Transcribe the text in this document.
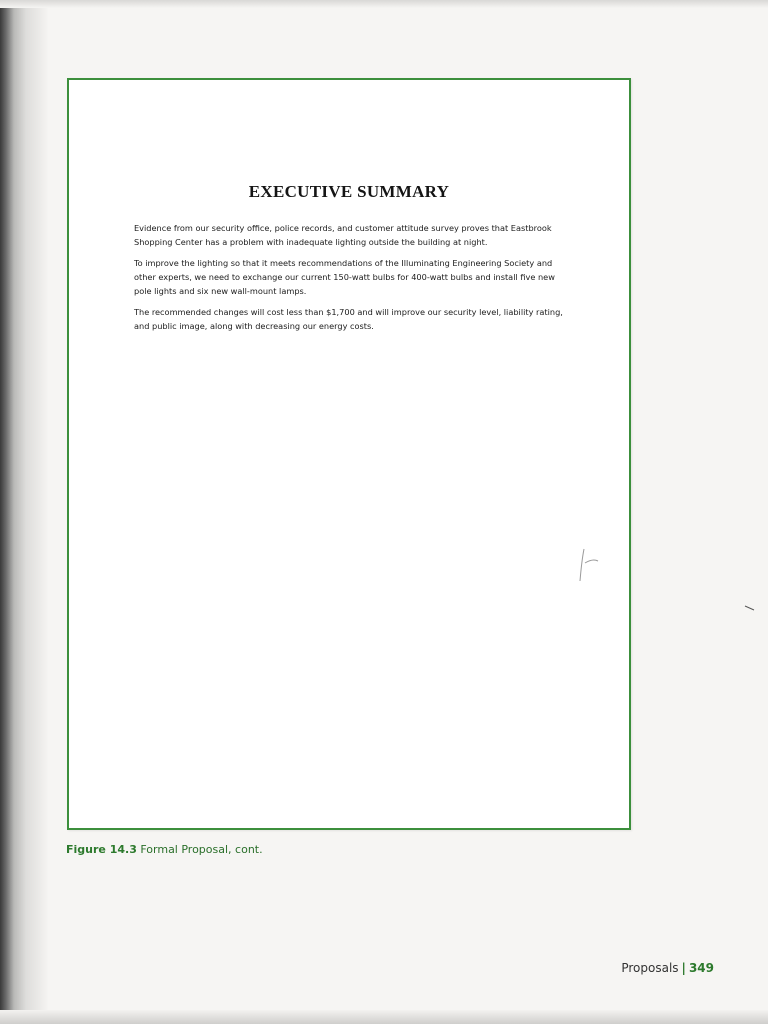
EXECUTIVE SUMMARY

Evidence from our security office, police records, and customer attitude survey proves that Eastbrook Shopping Center has a problem with inadequate lighting outside the building at night.

To improve the lighting so that it meets recommendations of the Illuminating Engineering Society and other experts, we need to exchange our current 150-watt bulbs for 400-watt bulbs and install five new pole lights and six new wall-mount lamps.

The recommended changes will cost less than $1,700 and will improve our security level, liability rating, and public image, along with decreasing our energy costs.

Figure 14.3 Formal Proposal, cont.
Proposals | 349
